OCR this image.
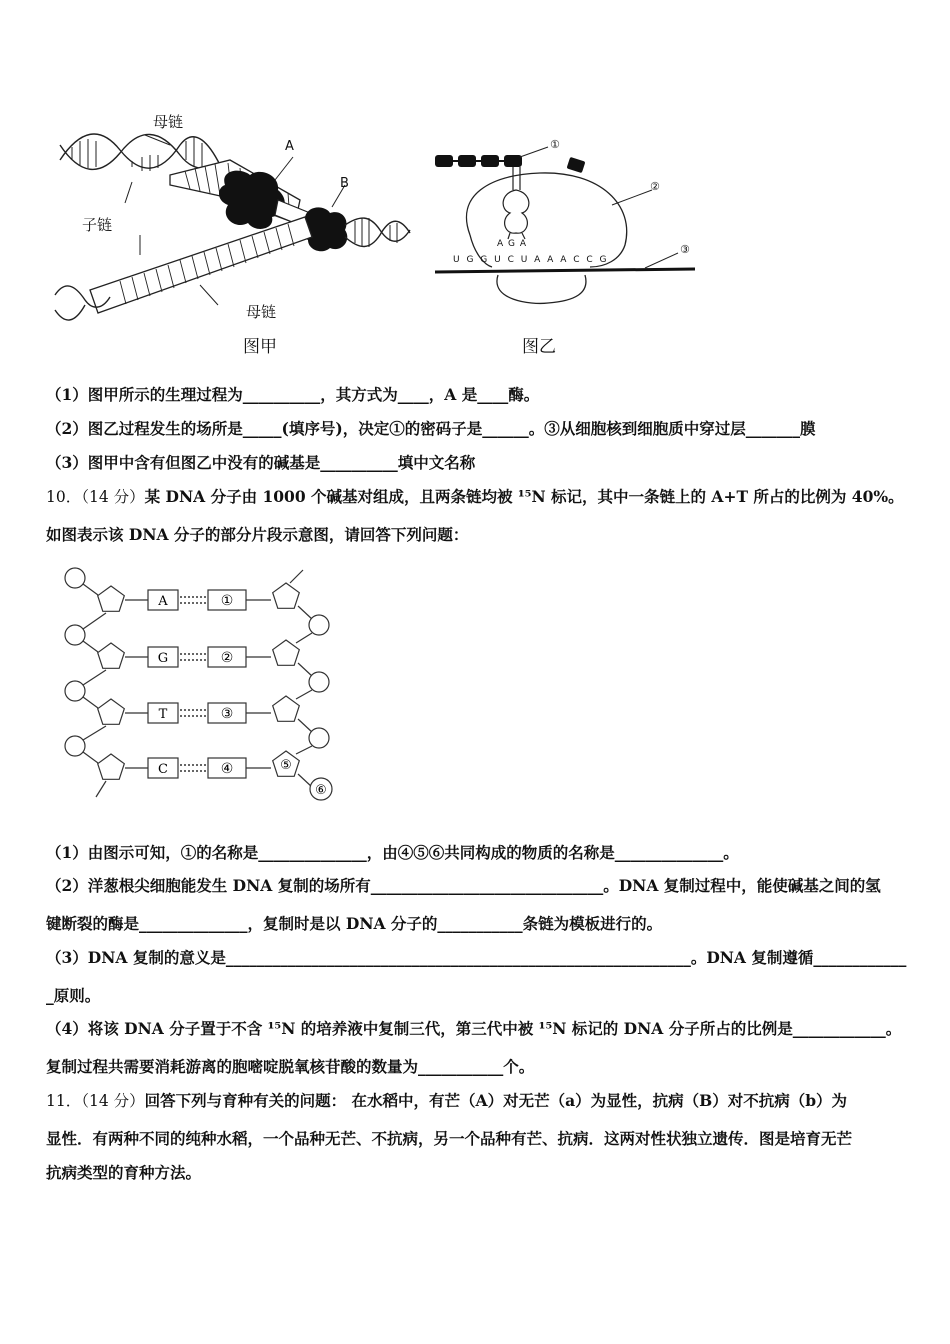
母链
子链
母链
A
B
图甲
①
②
③
A G A
U G G U C U A A A C C G
图乙
（1）图甲所示的生理过程为__________，其方式为____，A 是____酶。
（2）图乙过程发生的场所是_____(填序号)，决定①的密码子是______。③从细胞核到细胞质中穿过层_______膜
（3）图甲中含有但图乙中没有的碱基是__________填中文名称
10．（14 分）某 DNA 分子由 1000 个碱基对组成，且两条链均被 ¹⁵N 标记，其中一条链上的 A+T 所占的比例为 40%。
如图表示该 DNA 分子的部分片段示意图，请回答下列问题：
A	①
G	②
T	③
C	④	⑤
⑥
（1）由图示可知，①的名称是______________，由④⑤⑥共同构成的物质的名称是______________。
（2）洋葱根尖细胞能发生 DNA 复制的场所有______________________________。DNA 复制过程中，能使碱基之间的氢
键断裂的酶是______________，复制时是以 DNA 分子的___________条链为模板进行的。
（3）DNA 复制的意义是____________________________________________________________。DNA 复制遵循____________
_原则。
（4）将该 DNA 分子置于不含 ¹⁵N 的培养液中复制三代，第三代中被 ¹⁵N 标记的 DNA 分子所占的比例是____________。
复制过程共需要消耗游离的胞嘧啶脱氧核苷酸的数量为___________个。
11．（14 分）回答下列与育种有关的问题： 在水稻中，有芒（A）对无芒（a）为显性，抗病（B）对不抗病（b）为
显性．有两种不同的纯种水稻，一个品种无芒、不抗病，另一个品种有芒、抗病．这两对性状独立遗传．图是培育无芒
抗病类型的育种方法。
